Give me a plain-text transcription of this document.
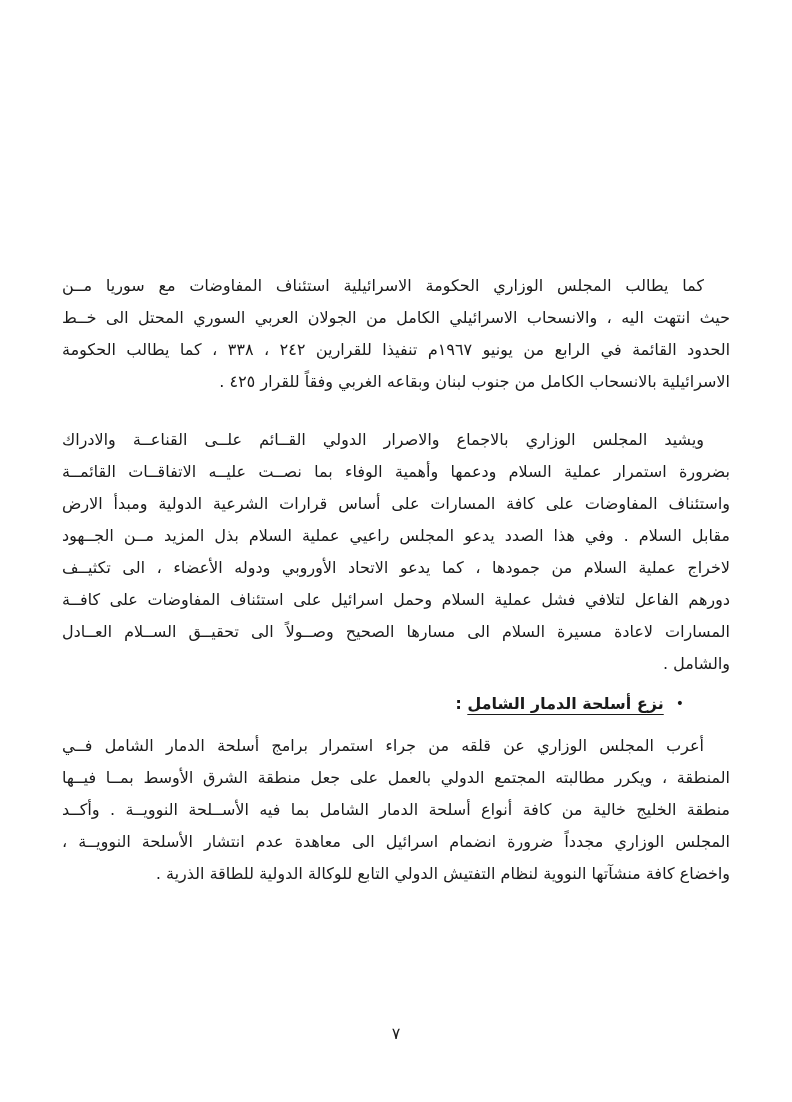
كما يطالب المجلس الوزاري الحكومة الاسرائيلية استئناف المفاوضات مع سوريا مــن
حيث انتهت اليه ، والانسحاب الاسرائيلي الكامل من الجولان العربي السوري المحتل الى خــط
الحدود القائمة في الرابع من يونيو ١٩٦٧م تنفيذا للقرارين ٢٤٢ ، ٣٣٨ ، كما يطالب الحكومة
الاسرائيلية بالانسحاب الكامل من جنوب لبنان وبقاعه الغربي وفقاً للقرار ٤٢٥ .
ويشيد المجلس الوزاري بالاجماع والاصرار الدولي القــائم علــى القناعــة والادراك
بضرورة استمرار عملية السلام ودعمها وأهمية الوفاء بما نصــت عليــه الاتفاقــات القائمــة
واستئناف المفاوضات على كافة المسارات على أساس قرارات الشرعية الدولية ومبدأ الارض
مقابل السلام . وفي هذا الصدد يدعو المجلس راعيي عملية السلام بذل المزيد مــن الجــهود
لاخراج عملية السلام من جمودها ، كما يدعو الاتحاد الأوروبي ودوله الأعضاء ، الى تكثيــف
دورهم الفاعل لتلافي فشل عملية السلام وحمل اسرائيل على استئناف المفاوضات على كافــة
المسارات لاعادة مسيرة السلام الى مسارها الصحيح وصــولاً الى تحقيــق الســلام العــادل
والشامل .
•نزع أسلحة الدمار الشامل :
أعرب المجلس الوزاري عن قلقه من جراء استمرار برامج أسلحة الدمار الشامل فــي
المنطقة ، ويكرر مطالبته المجتمع الدولي بالعمل على جعل منطقة الشرق الأوسط بمــا فيــها
منطقة الخليج خالية من كافة أنواع أسلحة الدمار الشامل بما فيه الأســلحة النوويــة . وأكــد
المجلس الوزاري مجدداً ضرورة انضمام اسرائيل الى معاهدة عدم انتشار الأسلحة النوويــة ،
واخضاع كافة منشآتها النووية لنظام التفتيش الدولي التابع للوكالة الدولية للطاقة الذرية .
٧
